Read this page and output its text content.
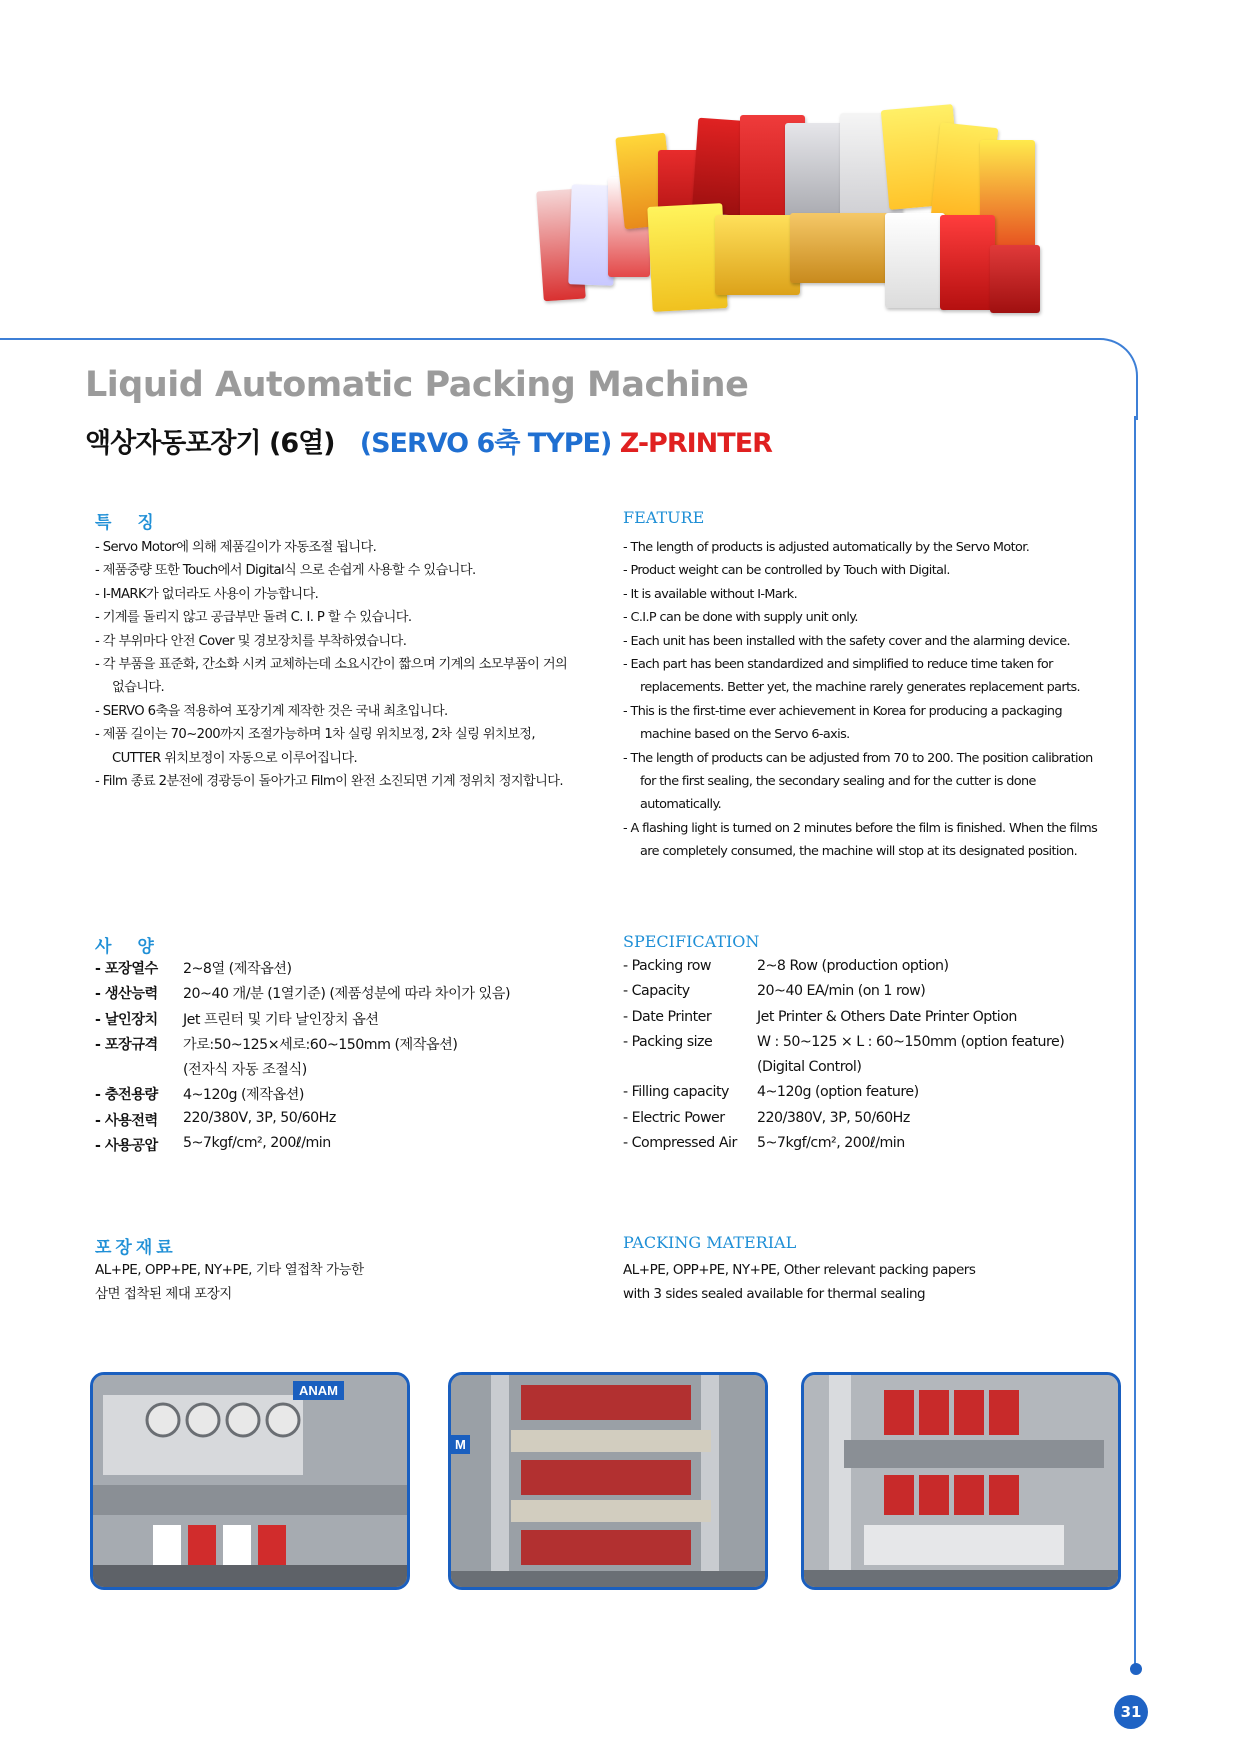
Liquid Automatic Packing Machine
액상자동포장기 (6열) (SERVO 6축 TYPE) Z-PRINTER
특 징
- Servo Motor에 의해 제품길이가 자동조절 됩니다.
- 제품중량 또한 Touch에서 Digital식 으로 손쉽게 사용할 수 있습니다.
- I-MARK가 없더라도 사용이 가능합니다.
- 기계를 돌리지 않고 공급부만 돌려 C. I. P 할 수 있습니다.
- 각 부위마다 안전 Cover 및 경보장치를 부착하였습니다.
- 각 부품을 표준화, 간소화 시켜 교체하는데 소요시간이 짧으며 기계의 소모부품이 거의 없습니다.
- SERVO 6축을 적용하여 포장기계 제작한 것은 국내 최초입니다.
- 제품 길이는 70~200까지 조절가능하며 1차 실링 위치보정, 2차 실링 위치보정, CUTTER 위치보정이 자동으로 이루어집니다.
- Film 종료 2분전에 경광등이 돌아가고 Film이 완전 소진되면 기계 정위치 정지합니다.
FEATURE
- The length of products is adjusted automatically by the Servo Motor.
- Product weight can be controlled by Touch with Digital.
- It is available without I-Mark.
- C.I.P can be done with supply unit only.
- Each unit has been installed with the safety cover and the alarming device.
- Each part has been standardized and simplified to reduce time taken for replacements. Better yet, the machine rarely generates replacement parts.
- This is the first-time ever achievement in Korea for producing a packaging machine based on the Servo 6-axis.
- The length of products can be adjusted from 70 to 200. The position calibration for the first sealing, the secondary sealing and for the cutter is done automatically.
- A flashing light is turned on 2 minutes before the film is finished. When the films are completely consumed, the machine will stop at its designated position.
사 양
- 포장열수	2~8열 (제작옵션)
- 생산능력	20~40 개/분 (1열기준) (제품성분에 따라 차이가 있음)
- 날인장치	Jet 프린터 및 기타 날인장치 옵션
- 포장규격	가로:50~125×세로:60~150mm (제작옵션)
	(전자식 자동 조절식)
- 충전용량	4~120g (제작옵션)
- 사용전력	220/380V, 3P, 50/60Hz
- 사용공압	5~7kgf/cm², 200ℓ/min
SPECIFICATION
- Packing row	2~8 Row (production option)
- Capacity	20~40 EA/min (on 1 row)
- Date Printer	Jet Printer & Others Date Printer Option
- Packing size	W : 50~125 × L : 60~150mm (option feature)
	(Digital Control)
- Filling capacity	4~120g (option feature)
- Electric Power	220/380V, 3P, 50/60Hz
- Compressed Air	5~7kgf/cm², 200ℓ/min
포장재료
AL+PE, OPP+PE, NY+PE, 기타 열접착 가능한
삼면 접착된 제대 포장지
PACKING MATERIAL
AL+PE, OPP+PE, NY+PE, Other relevant packing papers
with 3 sides sealed available for thermal sealing
ANAM
M
31
